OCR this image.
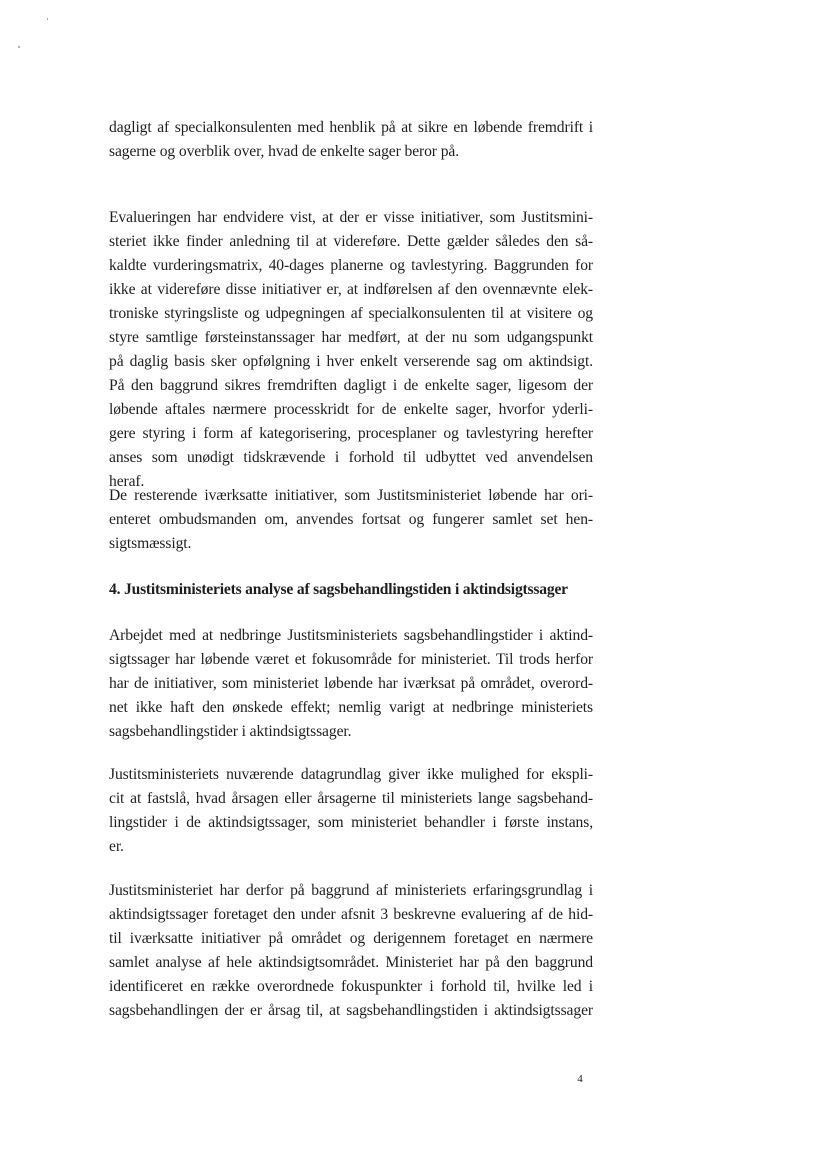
dagligt af specialkonsulenten med henblik på at sikre en løbende fremdrift i
sagerne og overblik over, hvad de enkelte sager beror på.
Evalueringen har endvidere vist, at der er visse initiativer, som Justitsmini-
steriet ikke finder anledning til at videreføre. Dette gælder således den så-
kaldte vurderingsmatrix, 40-dages planerne og tavlestyring. Baggrunden for
ikke at videreføre disse initiativer er, at indførelsen af den ovennævnte elek-
troniske styringsliste og udpegningen af specialkonsulenten til at visitere og
styre samtlige førsteinstanssager har medført, at der nu som udgangspunkt
på daglig basis sker opfølgning i hver enkelt verserende sag om aktindsigt.
På den baggrund sikres fremdriften dagligt i de enkelte sager, ligesom der
løbende aftales nærmere processkridt for de enkelte sager, hvorfor yderli-
gere styring i form af kategorisering, procesplaner og tavlestyring herefter
anses som unødigt tidskrævende i forhold til udbyttet ved anvendelsen
heraf.
De resterende iværksatte initiativer, som Justitsministeriet løbende har ori-
enteret ombudsmanden om, anvendes fortsat og fungerer samlet set hen-
sigtsmæssigt.
4. Justitsministeriets analyse af sagsbehandlingstiden i aktindsigtssager
Arbejdet med at nedbringe Justitsministeriets sagsbehandlingstider i aktind-
sigtssager har løbende været et fokusområde for ministeriet. Til trods herfor
har de initiativer, som ministeriet løbende har iværksat på området, overord-
net ikke haft den ønskede effekt; nemlig varigt at nedbringe ministeriets
sagsbehandlingstider i aktindsigtssager.
Justitsministeriets nuværende datagrundlag giver ikke mulighed for ekspli-
cit at fastslå, hvad årsagen eller årsagerne til ministeriets lange sagsbehand-
lingstider i de aktindsigtssager, som ministeriet behandler i første instans,
er.
Justitsministeriet har derfor på baggrund af ministeriets erfaringsgrundlag i
aktindsigtssager foretaget den under afsnit 3 beskrevne evaluering af de hid-
til iværksatte initiativer på området og derigennem foretaget en nærmere
samlet analyse af hele aktindsigtsområdet. Ministeriet har på den baggrund
identificeret en række overordnede fokuspunkter i forhold til, hvilke led i
sagsbehandlingen der er årsag til, at sagsbehandlingstiden i aktindsigtssager
4
